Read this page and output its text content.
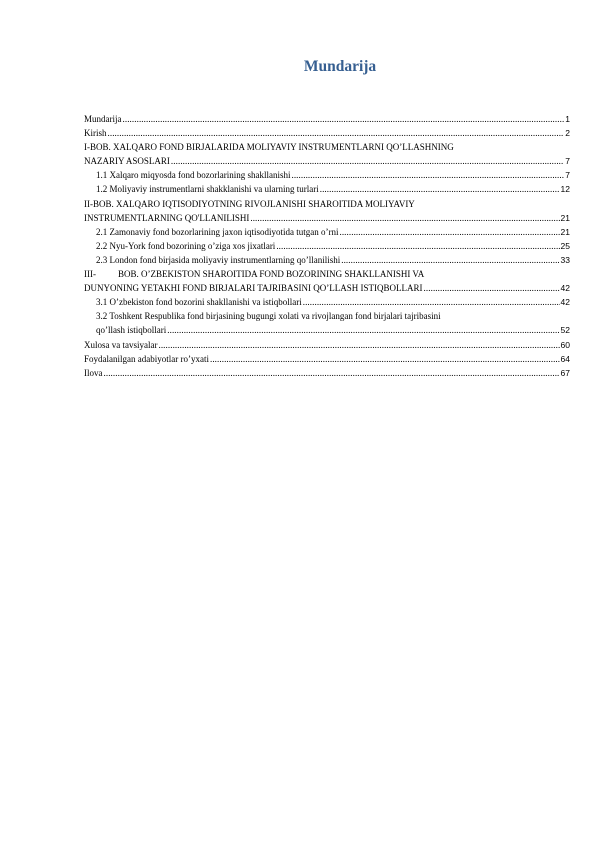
Mundarija
Mundarija .....	1
Kirish .....	2
I-BOB. XALQARO FOND BIRJALARIDA MOLIYAVIY INSTRUMENTLARNI QO’LLASHNING
NAZARIY ASOSLARI .....	7
1.1 Xalqaro miqyosda fond bozorlarining shakllanishi .....	7
1.2 Moliyaviy instrumentlarni shakklanishi va ularning turlari .....	12
II-BOB. XALQARO IQTISODIYOTNING RIVOJLANISHI SHAROITIDA MOLIYAVIY
INSTRUMENTLARNING QO'LLANILISHI .....	21
2.1 Zamonaviy fond bozorlarining jaxon iqtisodiyotida tutgan o’rni .....	21
2.2 Nyu-York fond bozorining o’ziga xos jixatlari .....	25
2.3 London fond birjasida moliyaviy instrumentlarning qo’llanilishi .....	33
III- BOB. O’ZBEKISTON SHAROITIDA FOND BOZORINING SHAKLLANISHI VA
DUNYONING YETAKHI FOND BIRJALARI TAJRIBASINI QO’LLASH ISTIQBOLLARI .....	42
3.1 O’zbekiston fond bozorini shakllanishi va istiqbollari .....	42
3.2 Toshkent Respublika fond birjasining bugungi xolati va rivojlangan fond birjalari tajribasini
qo’llash istiqbollari .....	52
Xulosa va tavsiyalar .....	60
Foydalanilgan adabiyotlar ro’yxati .....	64
Ilova .....	67
